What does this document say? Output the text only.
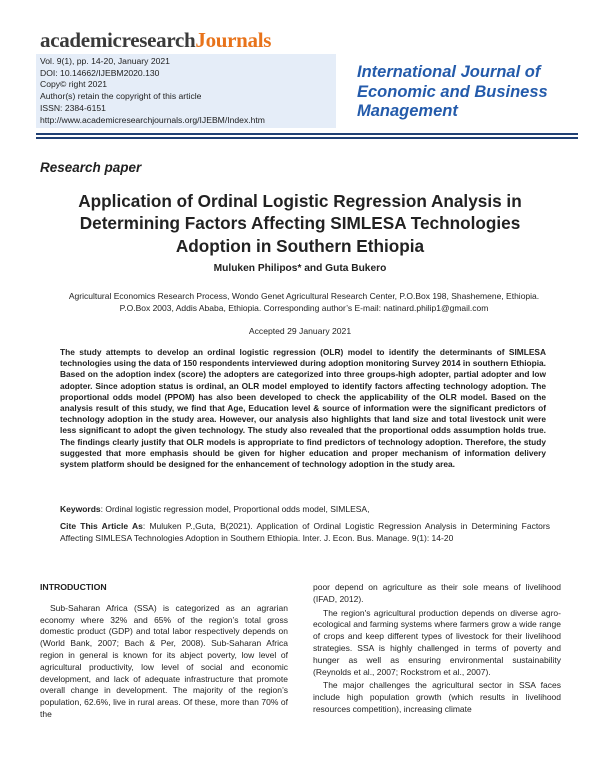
academicresearchJournals
Vol. 9(1), pp. 14-20, January 2021
DOI: 10.14662/IJEBM2020.130
Copy© right 2021
Author(s) retain the copyright of this article
ISSN: 2384-6151
http://www.academicresearchjournals.org/IJEBM/Index.htm
International Journal of Economic and Business Management
Research paper
Application of Ordinal Logistic Regression Analysis in Determining Factors Affecting SIMLESA Technologies Adoption in Southern Ethiopia
Muluken Philipos* and Guta Bukero
Agricultural Economics Research Process, Wondo Genet Agricultural Research Center, P.O.Box 198, Shashemene, Ethiopia. P.O.Box 2003, Addis Ababa, Ethiopia. Corresponding author’s E-mail: natinard.philip1@gmail.com
Accepted 29 January 2021
The study attempts to develop an ordinal logistic regression (OLR) model to identify the determinants of SIMLESA technologies using the data of 150 respondents interviewed during adoption monitoring Survey 2014 in southern Ethiopia. Based on the adoption index (score) the adopters are categorized into three groups-high adopter, partial adopter and low adopter. Since adoption status is ordinal, an OLR model employed to identify factors affecting technology adoption. The proportional odds model (PPOM) has also been developed to check the applicability of the OLR model. Based on the analysis result of this study, we find that Age, Education level & source of information were the significant predictors of technology adoption in the study area. However, our analysis also highlights that land size and total livestock unit were less significant to adopt the given technology. The study also revealed that the proportional odds assumption holds true. The findings clearly justify that OLR models is appropriate to find predictors of technology adoption. Therefore, the study suggested that more emphasis should be given for higher education and proper mechanism of information delivery system platform should be designed for the enhancement of technology adoption in the study area.
Keywords: Ordinal logistic regression model, Proportional odds model, SIMLESA,
Cite This Article As: Muluken P.,Guta, B(2021). Application of Ordinal Logistic Regression Analysis in Determining Factors Affecting SIMLESA Technologies Adoption in Southern Ethiopia. Inter. J. Econ. Bus. Manage. 9(1): 14-20
INTRODUCTION

Sub-Saharan Africa (SSA) is categorized as an agrarian economy where 32% and 65% of the region’s total gross domestic product (GDP) and total labor respectively depends on (World Bank, 2007; Bach & Per, 2008). Sub-Saharan Africa region in general is known for its abject poverty, low level of agricultural productivity, low level of social and economic development, and lack of adequate infrastructure that promote overall change in development. The majority of the region’s population, 62.6%, live in rural areas. Of these, more than 70% of the

poor depend on agriculture as their sole means of livelihood (IFAD, 2012).

The region's agricultural production depends on diverse agro-ecological and farming systems where farmers grow a wide range of crops and keep different types of livestock for their livelihood strategies. SSA is highly challenged in terms of poverty and hunger as well as ensuring environmental sustainability (Reynolds et al., 2007; Rockstrom et al., 2007).

The major challenges the agricultural sector in SSA faces include high population growth (which results in livelihood resources competition), increasing climate
